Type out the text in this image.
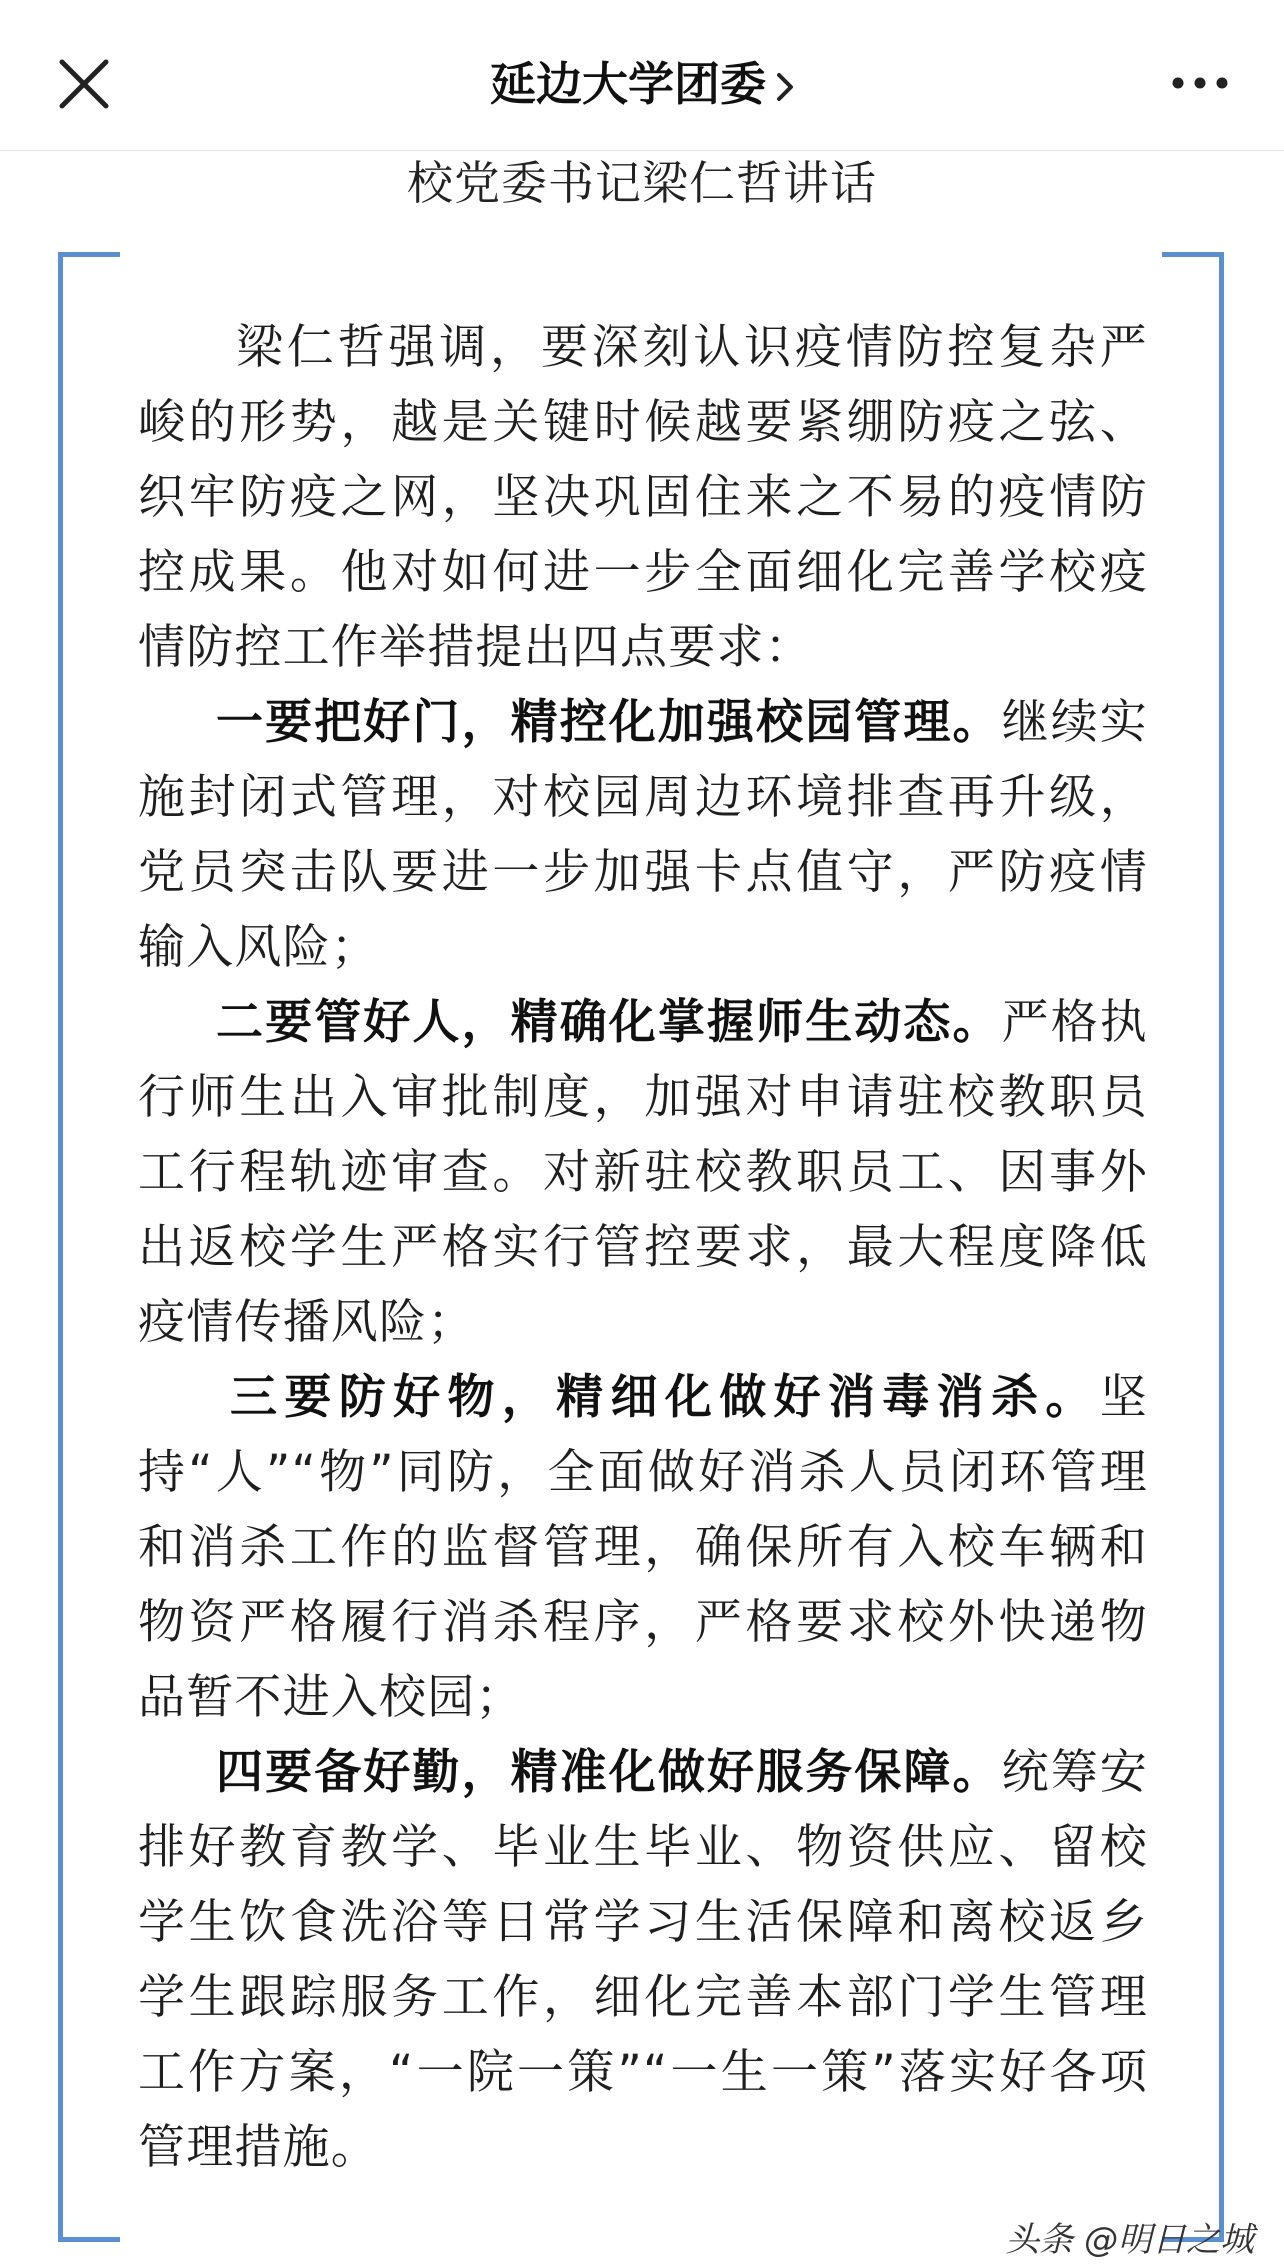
延边大学团委
校党委书记梁仁哲讲话

梁仁哲强调，要深刻认识疫情防控复杂严峻的形势，越是关键时候越要紧绷防疫之弦、织牢防疫之网，坚决巩固住来之不易的疫情防控成果。他对如何进一步全面细化完善学校疫情防控工作举措提出四点要求：

一要把好门，精控化加强校园管理。继续实施封闭式管理，对校园周边环境排查再升级，党员突击队要进一步加强卡点值守，严防疫情输入风险；

二要管好人，精确化掌握师生动态。严格执行师生出入审批制度，加强对申请驻校教职员工行程轨迹审查。对新驻校教职员工、因事外出返校学生严格实行管控要求，最大程度降低疫情传播风险；

三要防好物，精细化做好消毒消杀。坚持“人”“物”同防，全面做好消杀人员闭环管理和消杀工作的监督管理，确保所有入校车辆和物资严格履行消杀程序，严格要求校外快递物品暂不进入校园；

四要备好勤，精准化做好服务保障。统筹安排好教育教学、毕业生毕业、物资供应、留校学生饮食洗浴等日常学习生活保障和离校返乡学生跟踪服务工作，细化完善本部门学生管理工作方案，“一院一策”“一生一策”落实好各项管理措施。

头条 @明日之城
